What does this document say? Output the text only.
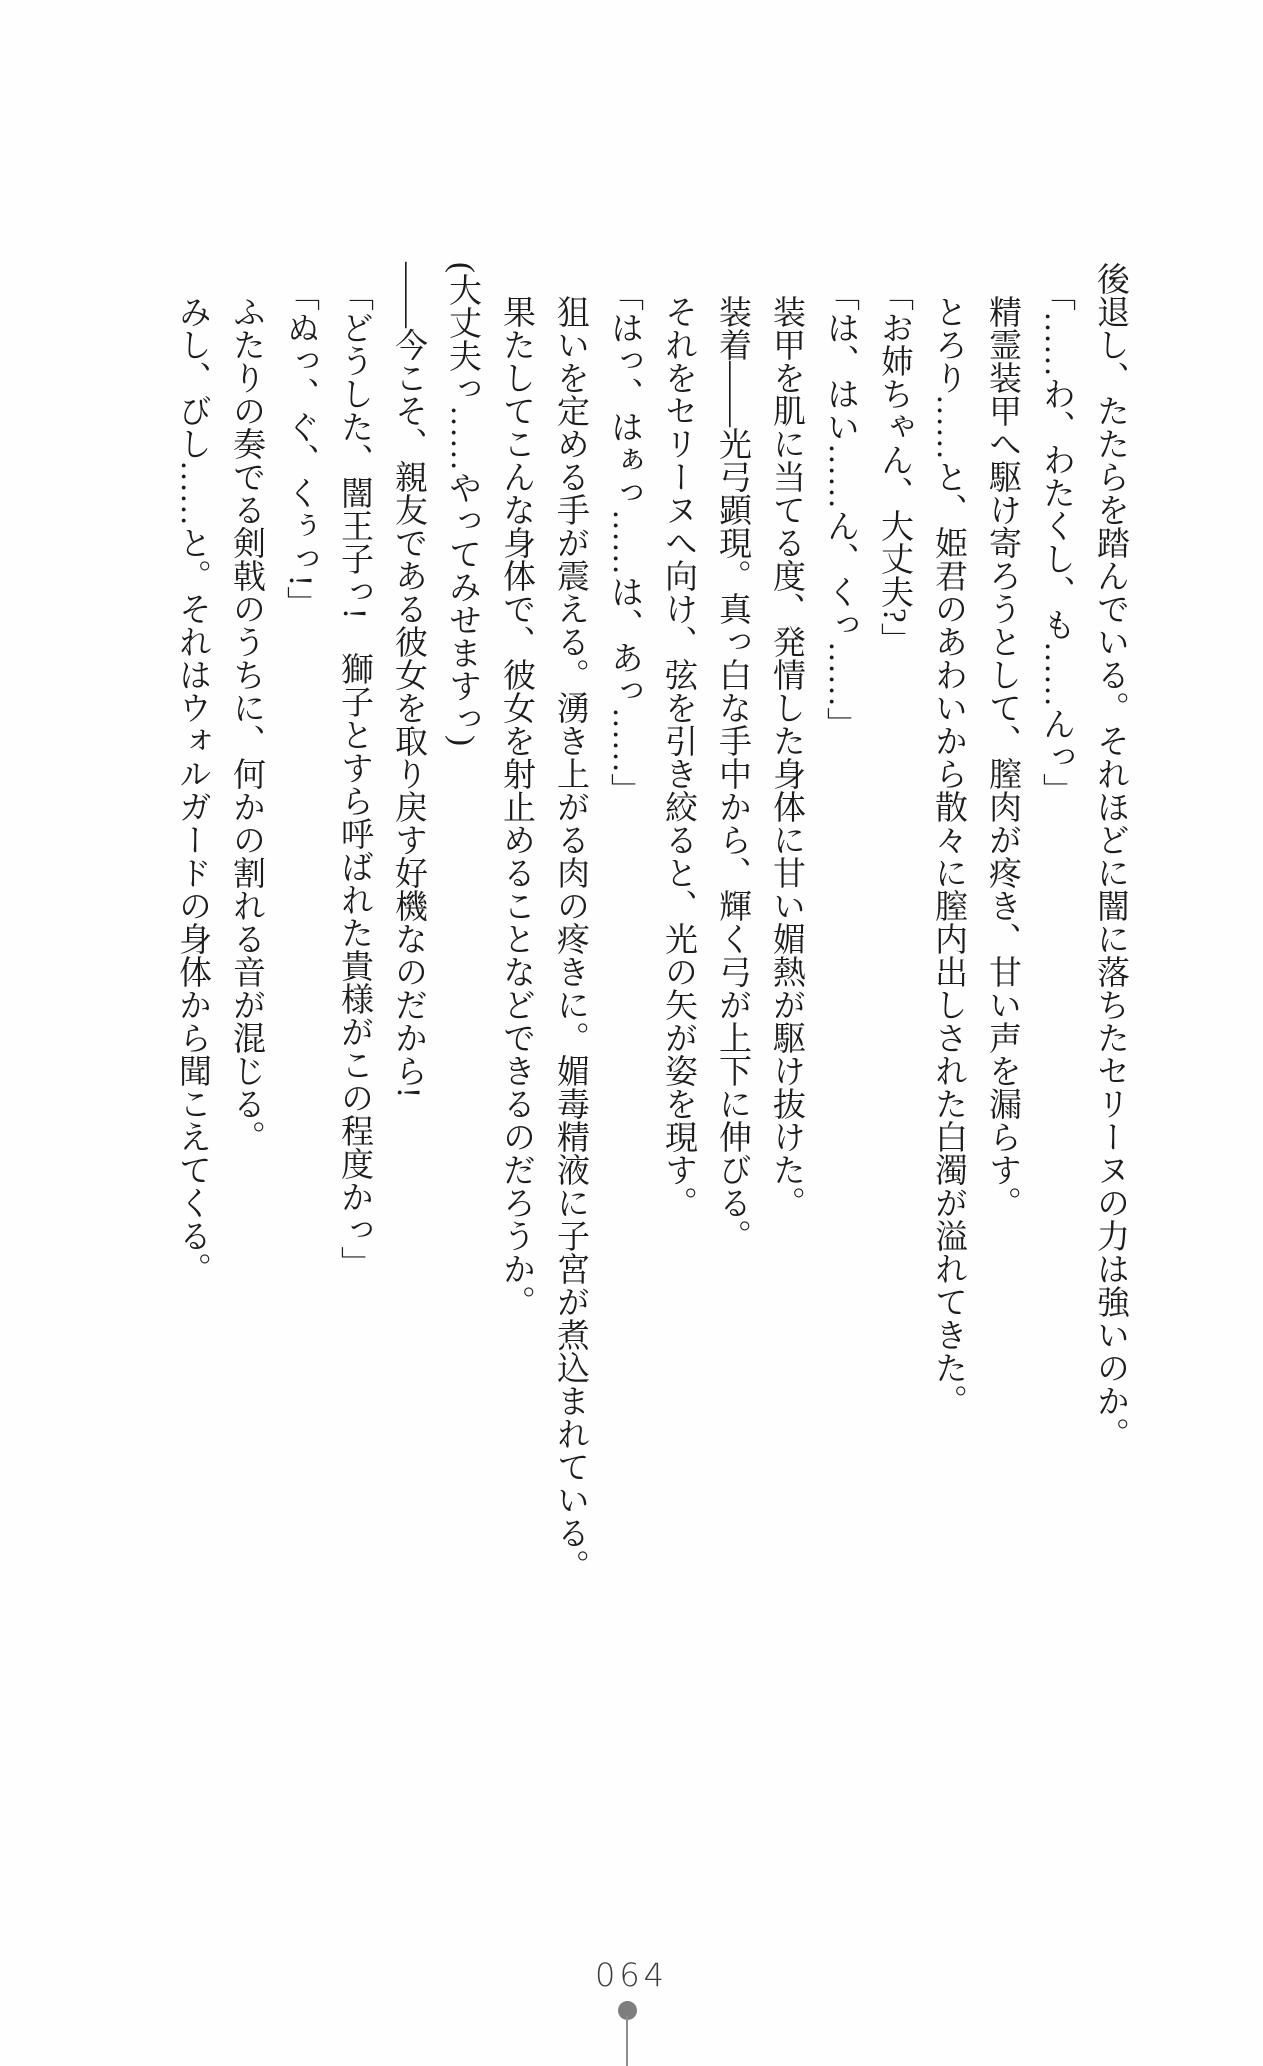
後退し、たたらを踏んでいる。それほどに闇に落ちたセリーヌの力は強いのか。

「……わ、わたくし、も……んっ」

精霊装甲へ駆け寄ろうとして、膣肉が疼き、甘い声を漏らす。

とろり……と、姫君のあわいから散々に膣内出しされた白濁が溢れてきた。

「お姉ちゃん、大丈夫?」

「は、はい……ん、くっ……」

装甲を肌に当てる度、発情した身体に甘い媚熱が駆け抜けた。

装着――光弓顕現。真っ白な手中から、輝く弓が上下に伸びる。

それをセリーヌへ向け、弦を引き絞ると、光の矢が姿を現す。

「はっ、はぁっ……は、あっ……」

狙いを定める手が震える。湧き上がる肉の疼きに。媚毒精液に子宮が煮込まれている。

果たしてこんな身体で、彼女を射止めることなどできるのだろうか。

(大丈夫っ……やってみせますっ)

――今こそ、親友である彼女を取り戻す好機なのだから!

「どうした、闇王子っ!　獅子とすら呼ばれた貴様がこの程度かっ」

「ぬっ、ぐ、くぅっ!」

ふたりの奏でる剣戟のうちに、何かの割れる音が混じる。

みし、びし……と。それはウォルガードの身体から聞こえてくる。

064
